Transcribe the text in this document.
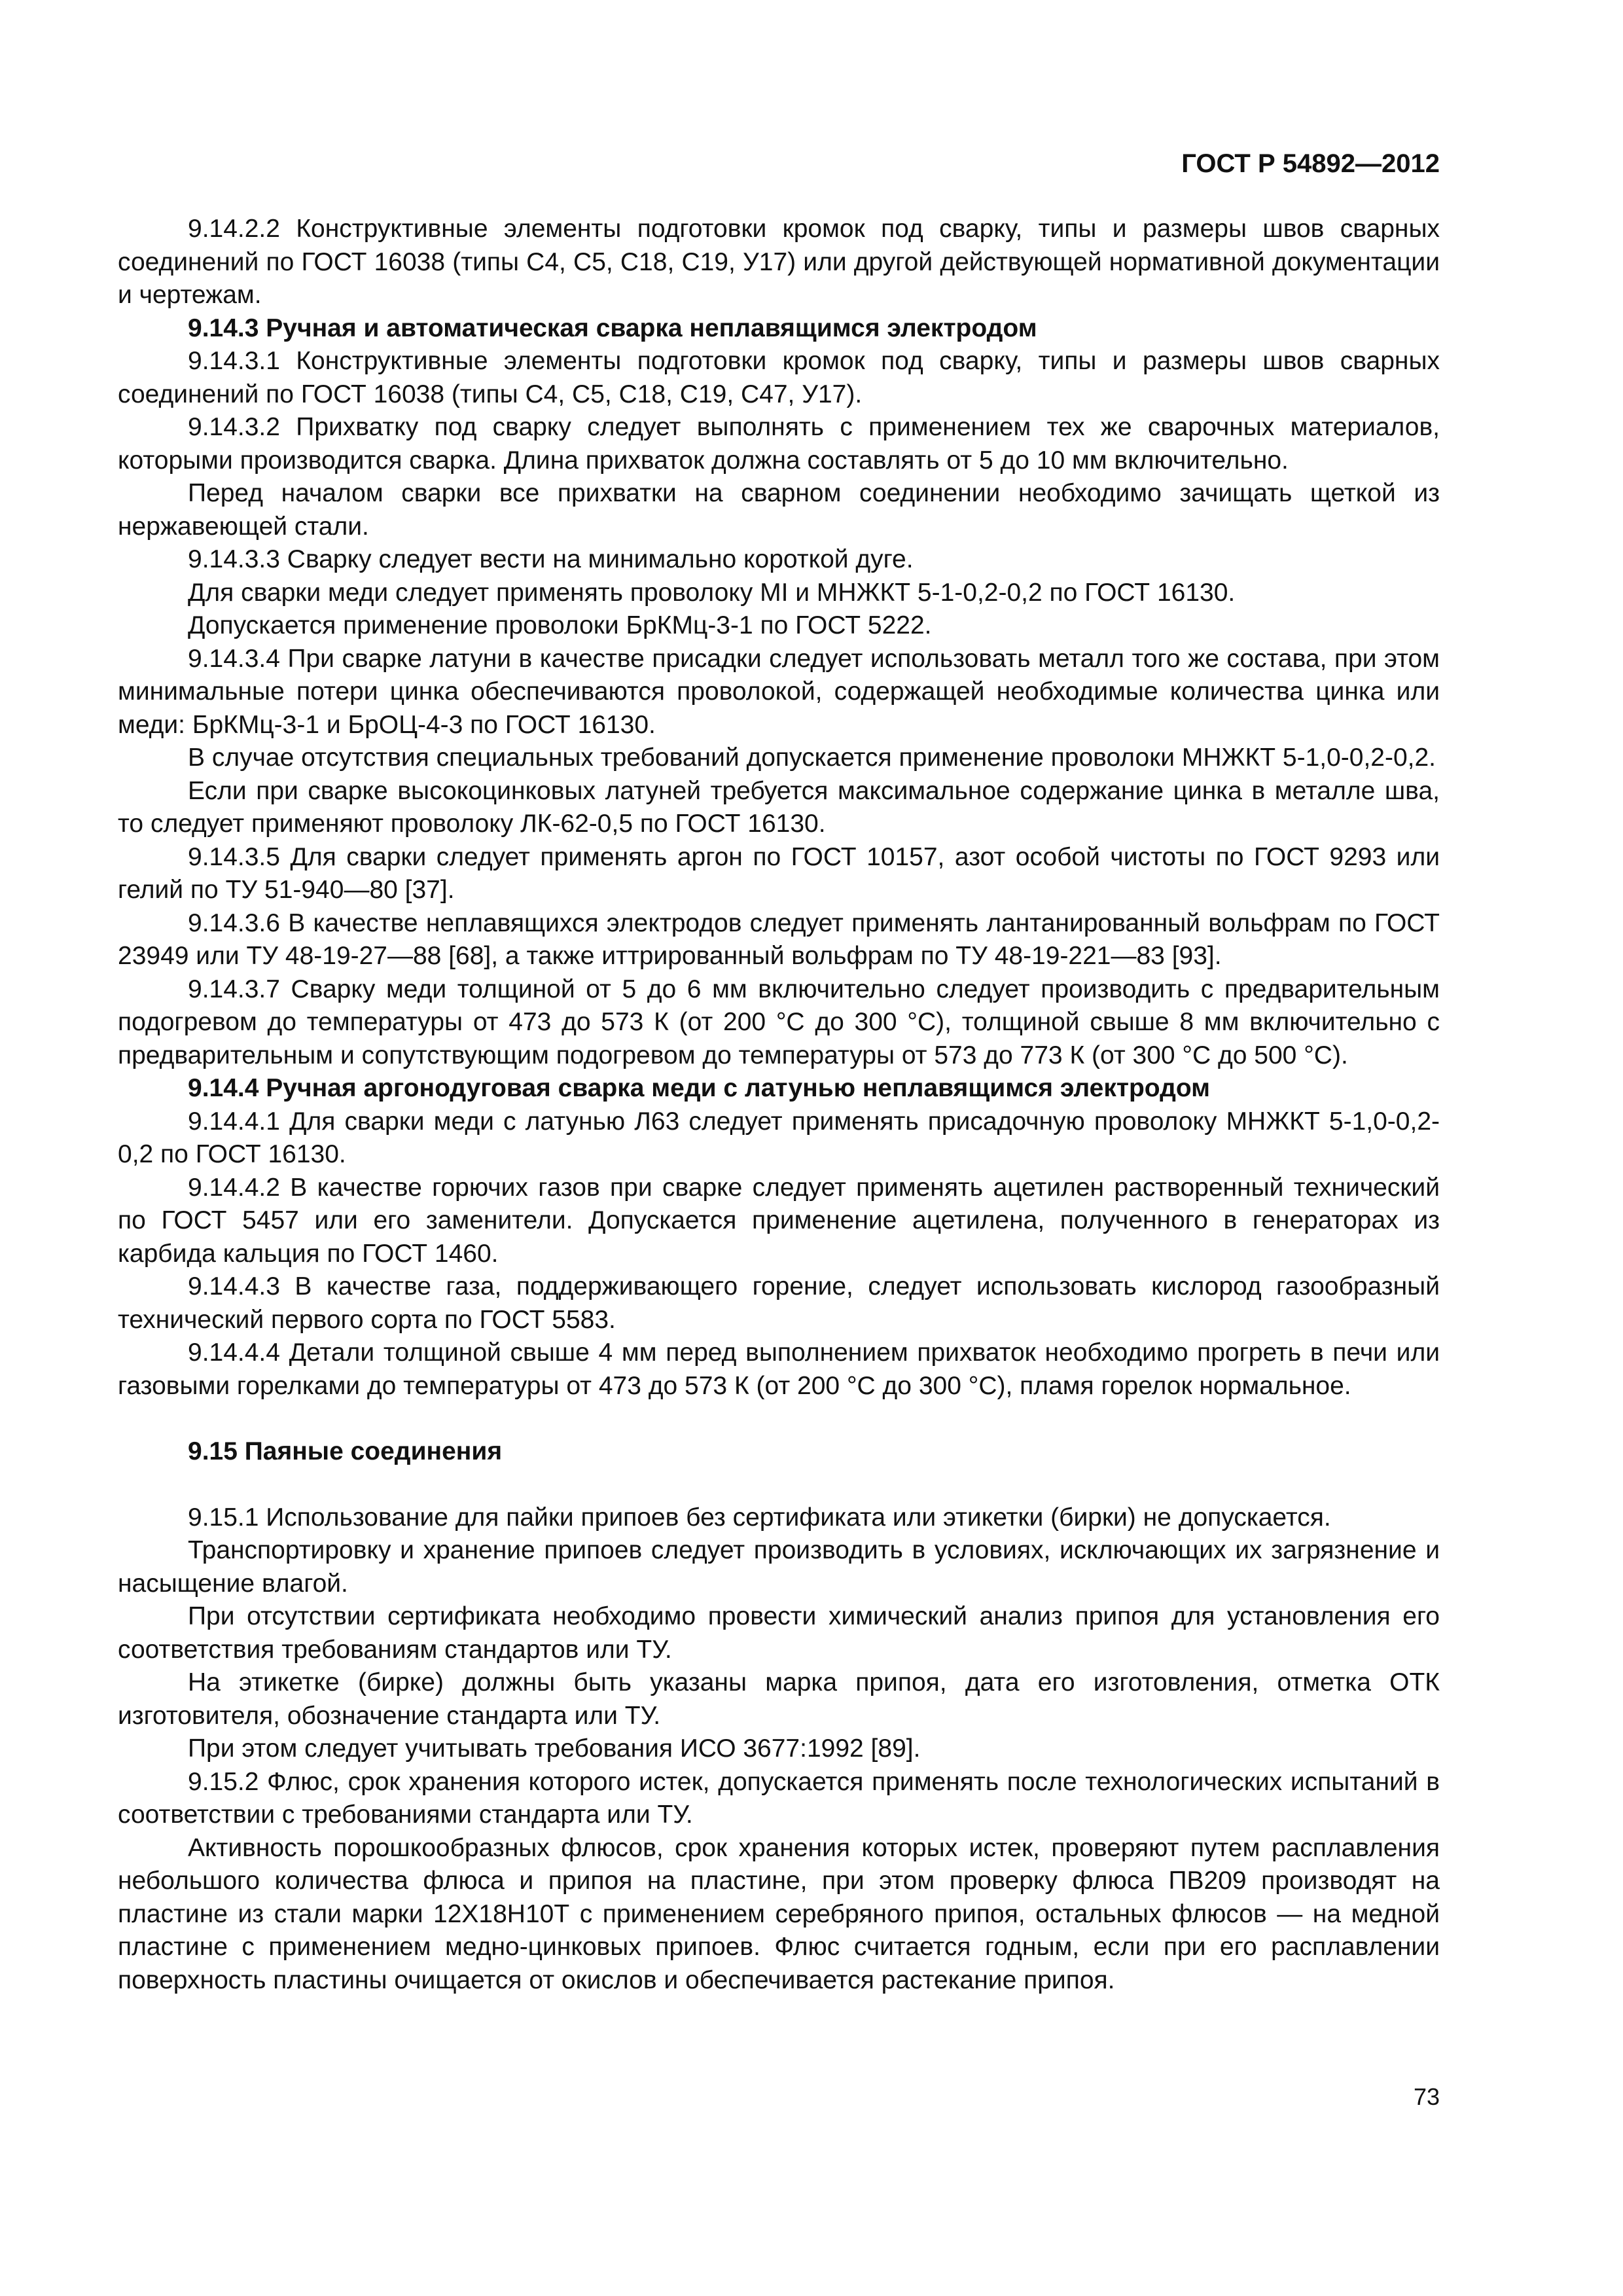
ГОСТ Р 54892—2012

9.14.2.2 Конструктивные элементы подготовки кромок под сварку, типы и размеры швов сварных соединений по ГОСТ 16038 (типы С4, С5, С18, С19, У17) или другой действующей нормативной документации и чертежам.

9.14.3 Ручная и автоматическая сварка неплавящимся электродом

9.14.3.1 Конструктивные элементы подготовки кромок под сварку, типы и размеры швов сварных соединений по ГОСТ 16038 (типы С4, С5, С18, С19, С47, У17).

9.14.3.2 Прихватку под сварку следует выполнять с применением тех же сварочных материалов, которыми производится сварка. Длина прихваток должна составлять от 5 до 10 мм включительно.

Перед началом сварки все прихватки на сварном соединении необходимо зачищать щеткой из нержавеющей стали.

9.14.3.3 Сварку следует вести на минимально короткой дуге.

Для сварки меди следует применять проволоку МI и МНЖКТ 5-1-0,2-0,2 по ГОСТ 16130.

Допускается применение проволоки БрКМц-3-1 по ГОСТ 5222.

9.14.3.4 При сварке латуни в качестве присадки следует использовать металл того же состава, при этом минимальные потери цинка обеспечиваются проволокой, содержащей необходимые количества цинка или меди: БрКМц-3-1 и БрОЦ-4-3 по ГОСТ 16130.

В случае отсутствия специальных требований допускается применение проволоки МНЖКТ 5-1,0-0,2-0,2.

Если при сварке высокоцинковых латуней требуется максимальное содержание цинка в металле шва, то следует применяют проволоку ЛК-62-0,5 по ГОСТ 16130.

9.14.3.5 Для сварки следует применять аргон по ГОСТ 10157, азот особой чистоты по ГОСТ 9293 или гелий по ТУ 51-940—80 [37].

9.14.3.6 В качестве неплавящихся электродов следует применять лантанированный вольфрам по ГОСТ 23949 или ТУ 48-19-27—88 [68], а также иттрированный вольфрам по ТУ 48-19-221—83 [93].

9.14.3.7 Сварку меди толщиной от 5 до 6 мм включительно следует производить с предварительным подогревом до температуры от 473 до 573 К (от 200 °С до 300 °С), толщиной свыше 8 мм включительно с предварительным и сопутствующим подогревом до температуры от 573 до 773 К (от 300 °С до 500 °С).

9.14.4 Ручная аргонодуговая сварка меди с латунью неплавящимся электродом

9.14.4.1 Для сварки меди с латунью Л63 следует применять присадочную проволоку МНЖКТ 5-1,0-0,2-0,2 по ГОСТ 16130.

9.14.4.2 В качестве горючих газов при сварке следует применять ацетилен растворенный технический по ГОСТ 5457 или его заменители. Допускается применение ацетилена, полученного в генераторах из карбида кальция по ГОСТ 1460.

9.14.4.3 В качестве газа, поддерживающего горение, следует использовать кислород газообразный технический первого сорта по ГОСТ 5583.

9.14.4.4 Детали толщиной свыше 4 мм перед выполнением прихваток необходимо прогреть в печи или газовыми горелками до температуры от 473 до 573 К (от 200 °С до 300 °С), пламя горелок нормальное.

9.15 Паяные соединения

9.15.1 Использование для пайки припоев без сертификата или этикетки (бирки) не допускается.

Транспортировку и хранение припоев следует производить в условиях, исключающих их загрязнение и насыщение влагой.

При отсутствии сертификата необходимо провести химический анализ припоя для установления его соответствия требованиям стандартов или ТУ.

На этикетке (бирке) должны быть указаны марка припоя, дата его изготовления, отметка ОТК изготовителя, обозначение стандарта или ТУ.

При этом следует учитывать требования ИСО 3677:1992 [89].

9.15.2 Флюс, срок хранения которого истек, допускается применять после технологических испытаний в соответствии с требованиями стандарта или ТУ.

Активность порошкообразных флюсов, срок хранения которых истек, проверяют путем расплавления небольшого количества флюса и припоя на пластине, при этом проверку флюса ПВ209 производят на пластине из стали марки 12Х18Н10Т с применением серебряного припоя, остальных флюсов — на медной пластине с применением медно-цинковых припоев. Флюс считается годным, если при его расплавлении поверхность пластины очищается от окислов и обеспечивается растекание припоя.

73
